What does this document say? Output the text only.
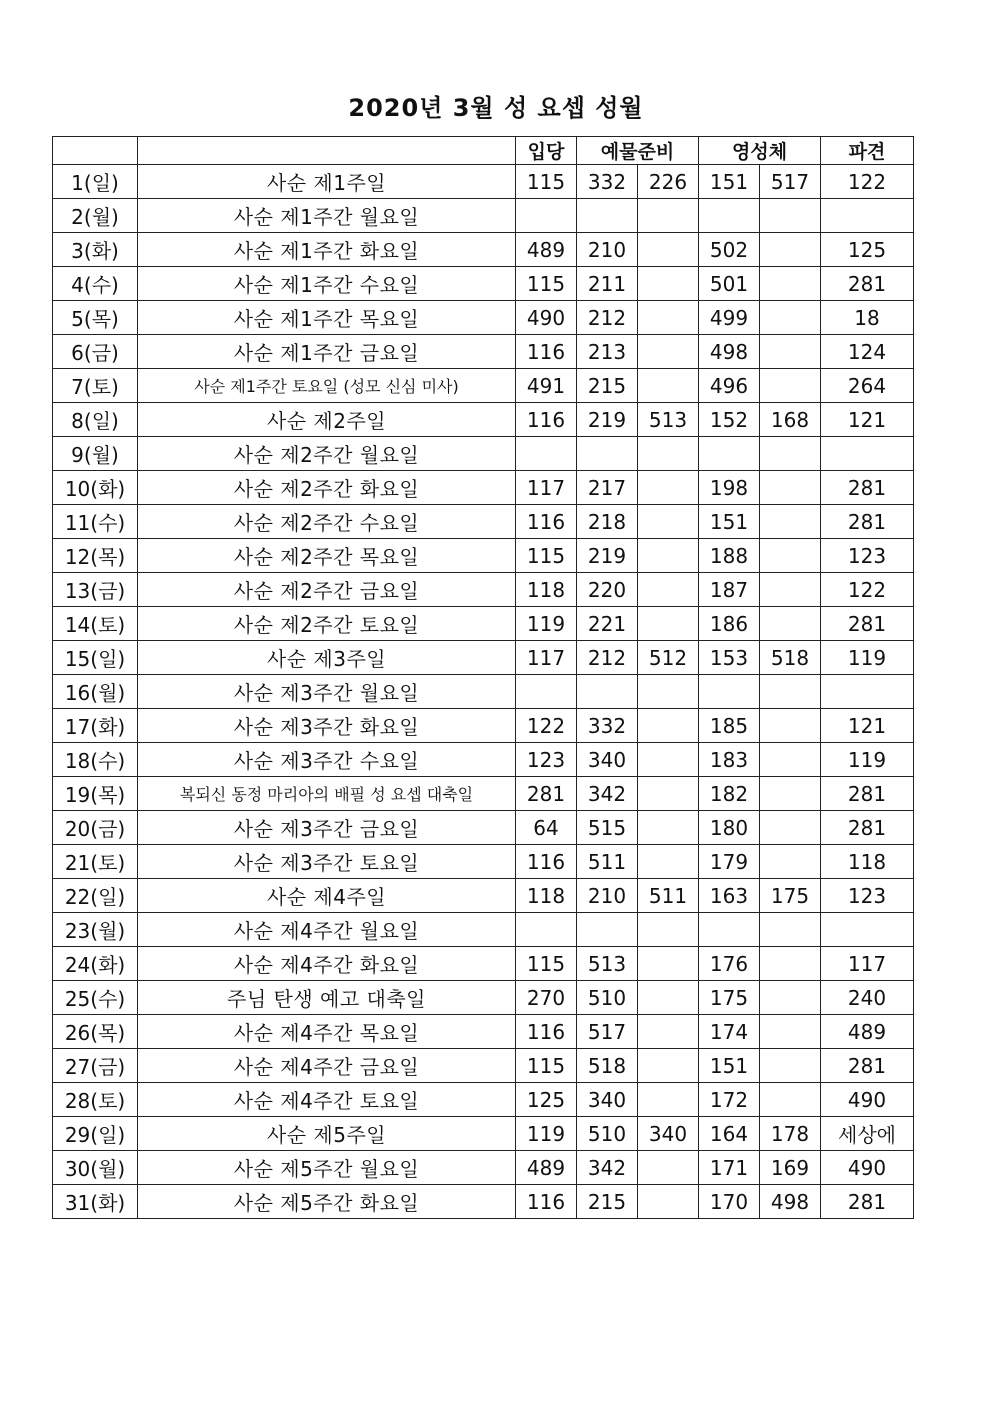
2020년 3월 성 요셉 성월
		입당	예물준비		영성체		파견
1(일)	사순 제1주일	115	332	226	151	517	122
2(월)	사순 제1주간 월요일						
3(화)	사순 제1주간 화요일	489	210		502		125
4(수)	사순 제1주간 수요일	115	211		501		281
5(목)	사순 제1주간 목요일	490	212		499		18
6(금)	사순 제1주간 금요일	116	213		498		124
7(토)	사순 제1주간 토요일 (성모 신심 미사)	491	215		496		264
8(일)	사순 제2주일	116	219	513	152	168	121
9(월)	사순 제2주간 월요일						
10(화)	사순 제2주간 화요일	117	217		198		281
11(수)	사순 제2주간 수요일	116	218		151		281
12(목)	사순 제2주간 목요일	115	219		188		123
13(금)	사순 제2주간 금요일	118	220		187		122
14(토)	사순 제2주간 토요일	119	221		186		281
15(일)	사순 제3주일	117	212	512	153	518	119
16(월)	사순 제3주간 월요일						
17(화)	사순 제3주간 화요일	122	332		185		121
18(수)	사순 제3주간 수요일	123	340		183		119
19(목)	복되신 동정 마리아의 배필 성 요셉 대축일	281	342		182		281
20(금)	사순 제3주간 금요일	64	515		180		281
21(토)	사순 제3주간 토요일	116	511		179		118
22(일)	사순 제4주일	118	210	511	163	175	123
23(월)	사순 제4주간 월요일						
24(화)	사순 제4주간 화요일	115	513		176		117
25(수)	주님 탄생 예고 대축일	270	510		175		240
26(목)	사순 제4주간 목요일	116	517		174		489
27(금)	사순 제4주간 금요일	115	518		151		281
28(토)	사순 제4주간 토요일	125	340		172		490
29(일)	사순 제5주일	119	510	340	164	178	세상에
30(월)	사순 제5주간 월요일	489	342		171	169	490
31(화)	사순 제5주간 화요일	116	215		170	498	281
